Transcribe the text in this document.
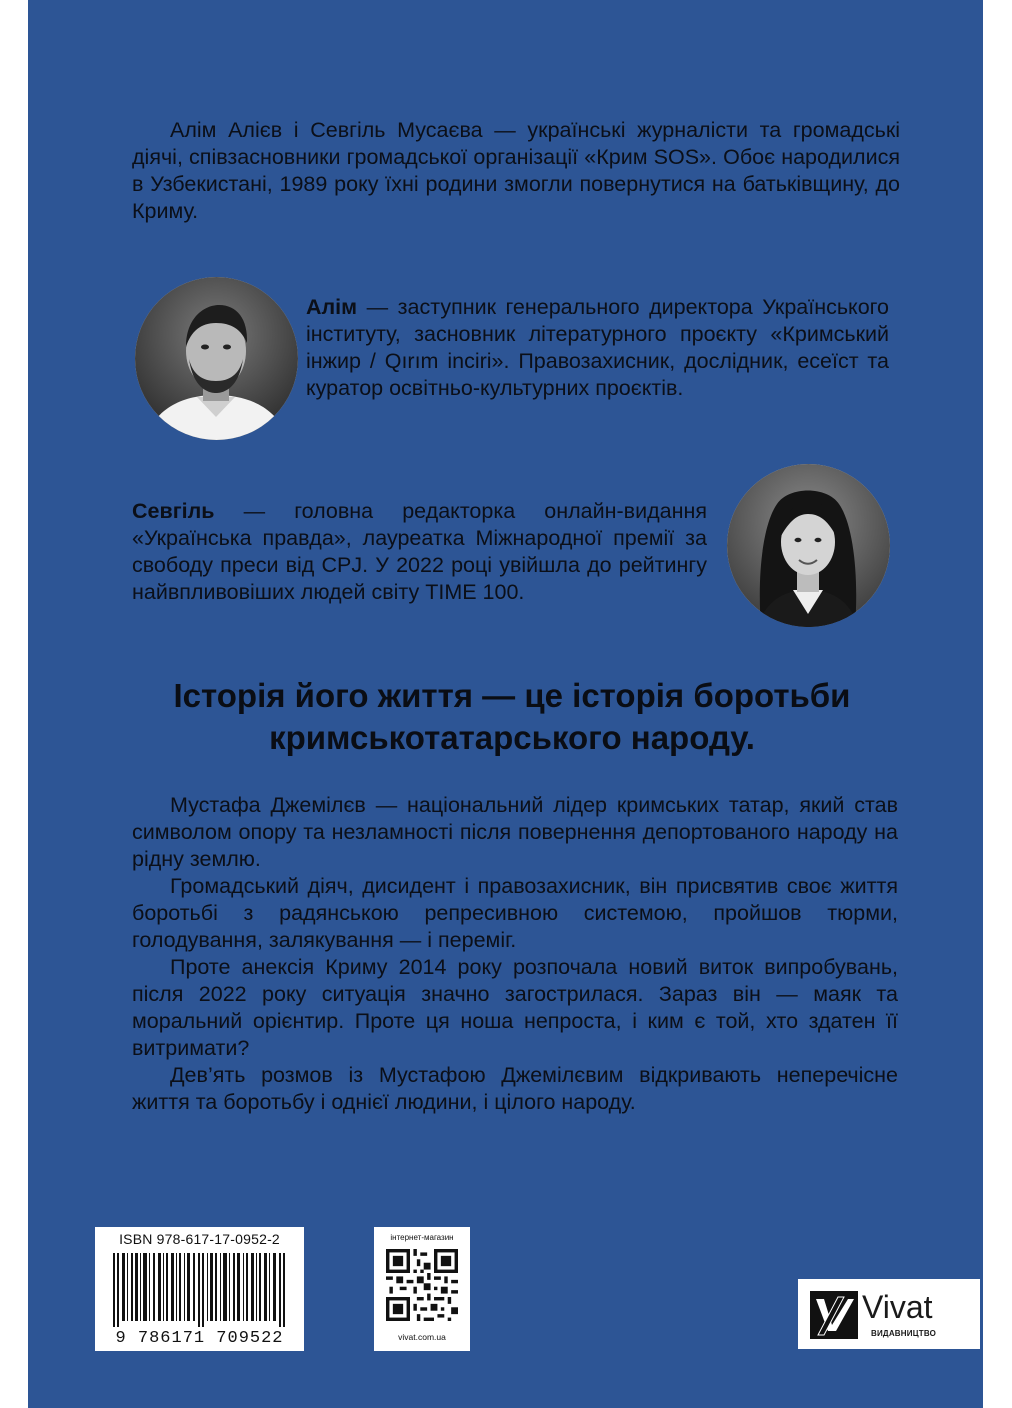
Алім Алієв і Севгіль Мусаєва — українські журналісти та громадські діячі, співзасновники громадської організації «Крим SOS». Обоє народилися в Узбекистані, 1989 року їхні родини змогли повернутися на батьківщину, до Криму.

Алім — заступник генерального директора Українського інституту, засновник літературного проєкту «Кримський інжир / Qırım incirі». Правозахисник, дослідник, есеїст та куратор освітньо-культурних проєктів.

Севгіль — головна редакторка онлайн-видання «Українська правда», лауреатка Міжнародної премії за свободу преси від CPJ. У 2022 році увійшла до рейтингу найвпливовіших людей світу TIME 100.

Історія його життя — це історія боротьби
кримськотатарського народу.

Мустафа Джемілєв — національний лідер кримських татар, який став символом опору та незламності після повернення депортованого народу на рідну землю.

Громадський діяч, дисидент і правозахисник, він присвятив своє життя боротьбі з радянською репресивною системою, пройшов тюрми, голодування, залякування — і переміг.

Проте анексія Криму 2014 року розпочала новий виток випробувань, після 2022 року ситуація значно загострилася. Зараз він — маяк та моральний орієнтир. Проте ця ноша непроста, і ким є той, хто здатен її витримати?

Дев’ять розмов із Мустафою Джемілєвим відкривають неперечісне життя та боротьбу і однієї людини, і цілого народу.

ISBN 978-617-17-0952-2
9 786171 709522
інтернет-магазин
vivat.com.ua
Vivat
ВИДАВНИЦТВО
